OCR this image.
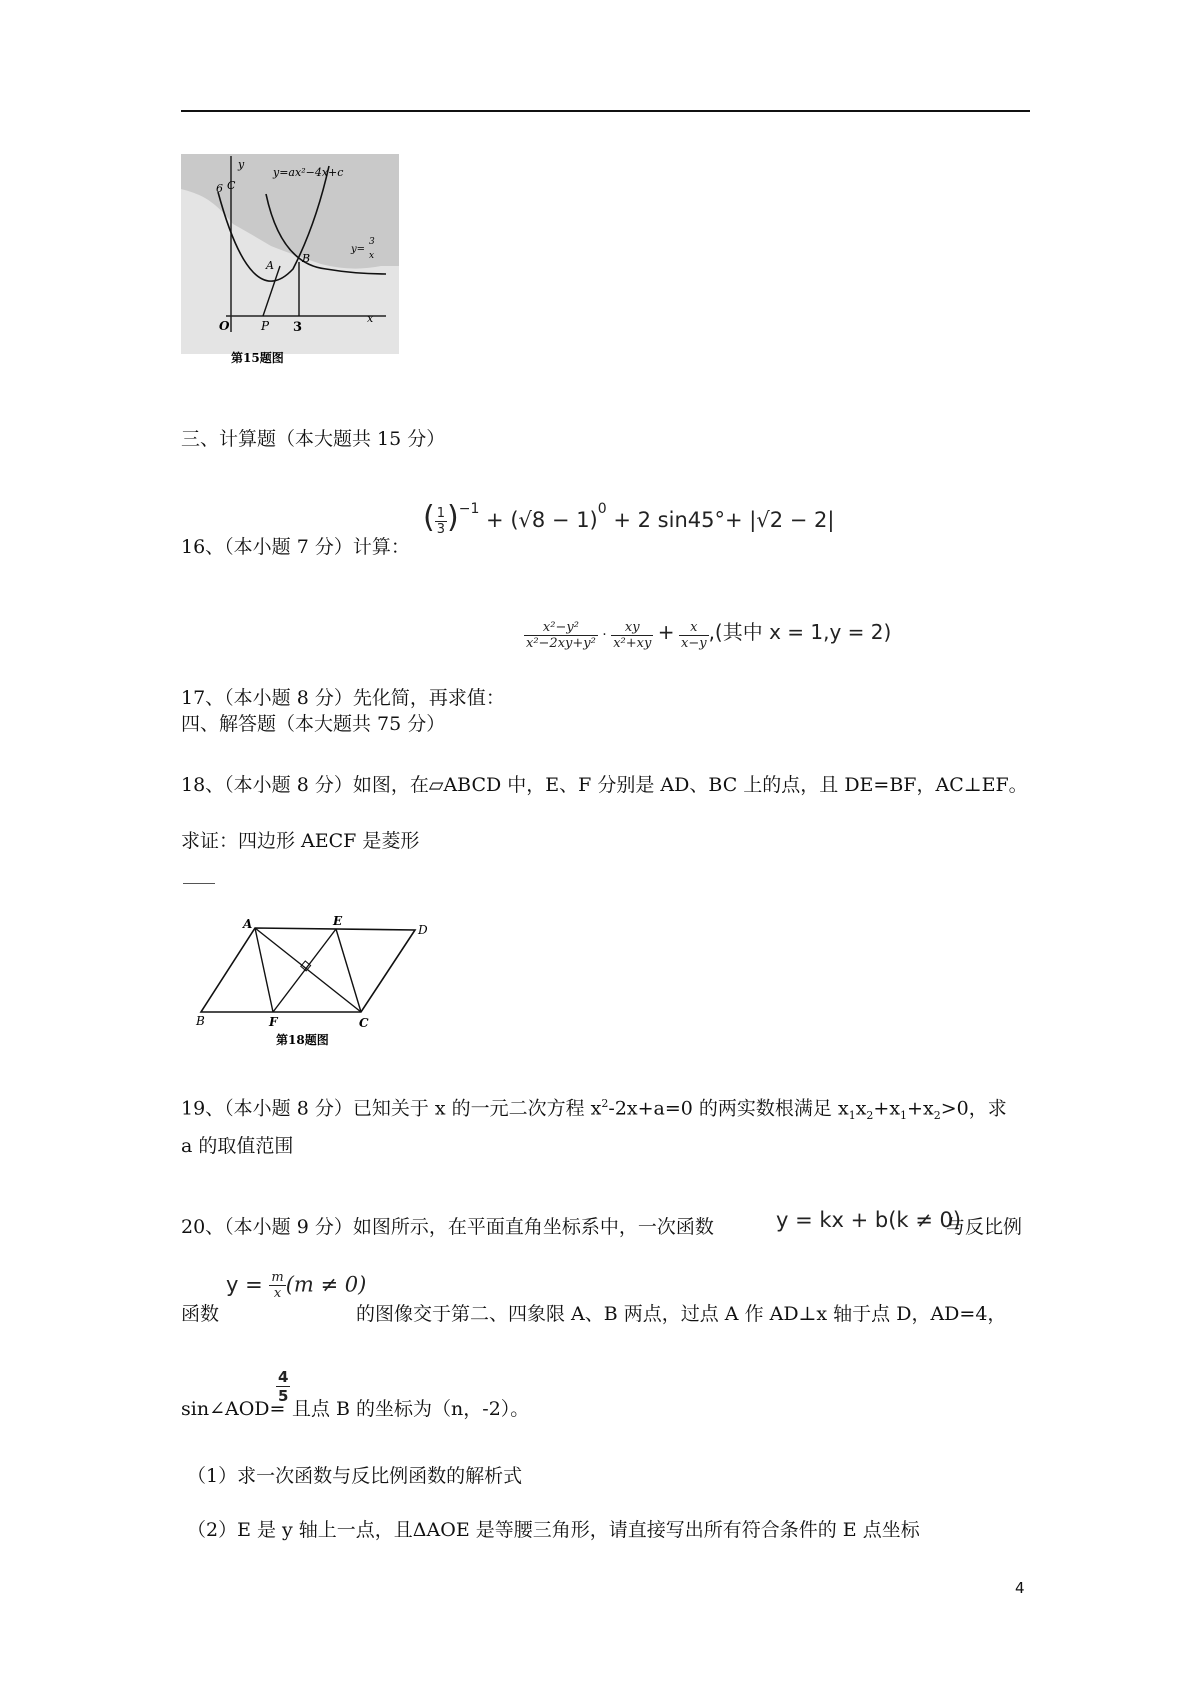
y
y=ax²−4x+c
y=
3
x
6 C
A
B
O	P 3
x
第15题图
三、计算题（本大题共 15 分）
16、（本小题 7 分）计算：
( $\frac{1}{3} )^{-1} + (√8 - 1)^0 + 2$ sin45°+ |√2 − 2|
17、（本小题 8 分）先化简，再求值：
$\frac{\text{x²−y²}}{\text{x²−2xy+y²}} \cdot \frac{xy}{\text{x²+xy}} + \frac{x}{x-y}$ ,(其中 x = 1,y = 2)
四、解答题（本大题共 75 分）
18、（本小题 8 分）如图，在▱ABCD 中，E、F 分别是 AD、BC 上的点，且 DE=BF，AC⊥EF。
求证：四边形 AECF 是菱形
A	E
D
B	F	C
第18题图
19、（本小题 8 分）已知关于 x 的一元二次方程 $x^2-2x+a=0$ 的两实数根满足 $x_1x_2+x_1+x_2>0$，求
a 的取值范围
20、（本小题 9 分）如图所示，在平面直角坐标系中，一次函数	y = kx + b(k ≠ 0)
与反比例
$y = \frac{m}{x} (m \ne 0)$
函数	的图像交于第二、四象限 A、B 两点，过点 A 作 AD⊥x 轴于点 D，AD=4，
sin∠AOD=
$\frac{4}{5}$
且点 B 的坐标为（n，-2）。
（1）求一次函数与反比例函数的解析式
（2）E 是 y 轴上一点，且ΔAOE 是等腰三角形，请直接写出所有符合条件的 E 点坐标
4
